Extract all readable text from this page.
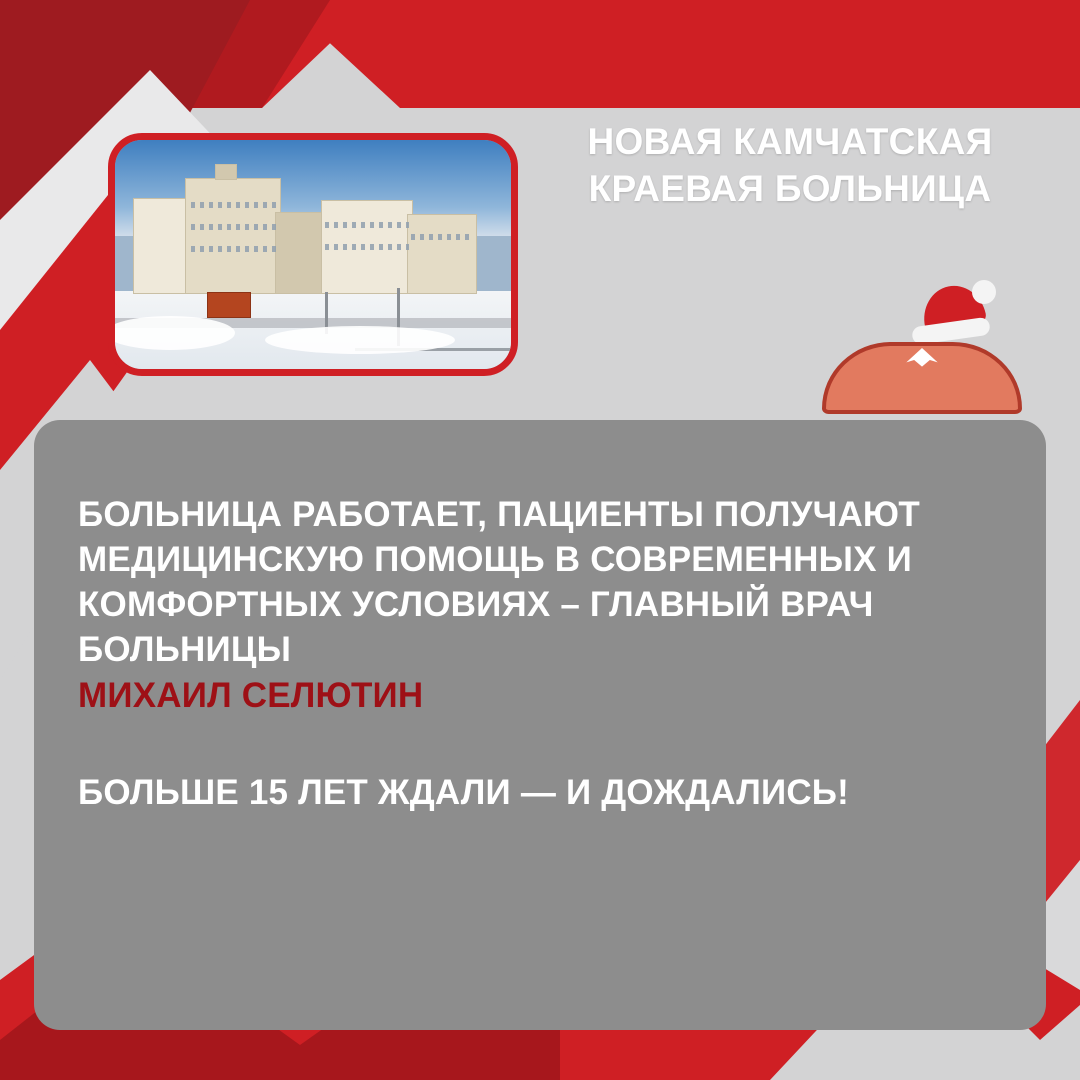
НОВАЯ КАМЧАТСКАЯ КРАЕВАЯ БОЛЬНИЦА
БОЛЬНИЦА РАБОТАЕТ, ПАЦИЕНТЫ ПОЛУЧАЮТ МЕДИЦИНСКУЮ ПОМОЩЬ В СОВРЕМЕННЫХ И КОМФОРТНЫХ УСЛОВИЯХ – ГЛАВНЫЙ ВРАЧ БОЛЬНИЦЫ
МИХАИЛ СЕЛЮТИН
БОЛЬШЕ 15 ЛЕТ ЖДАЛИ — И ДОЖДАЛИСЬ!
